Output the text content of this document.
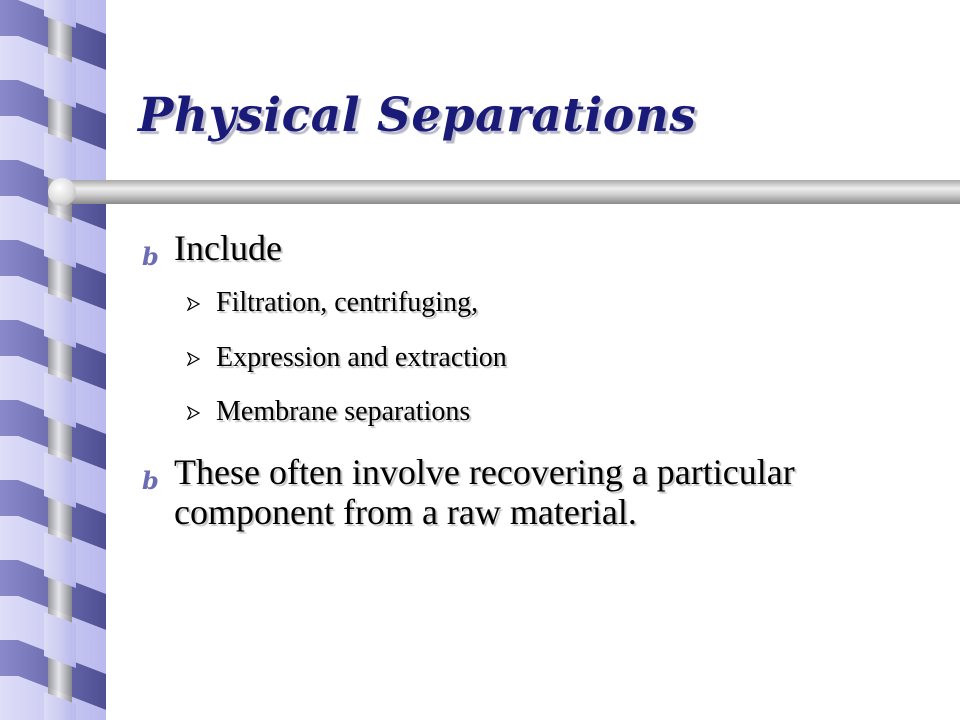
Physical Separations
b Include
Filtration, centrifuging,
Expression and extraction
Membrane separations
b These often involve recovering a particular component from a raw material.
